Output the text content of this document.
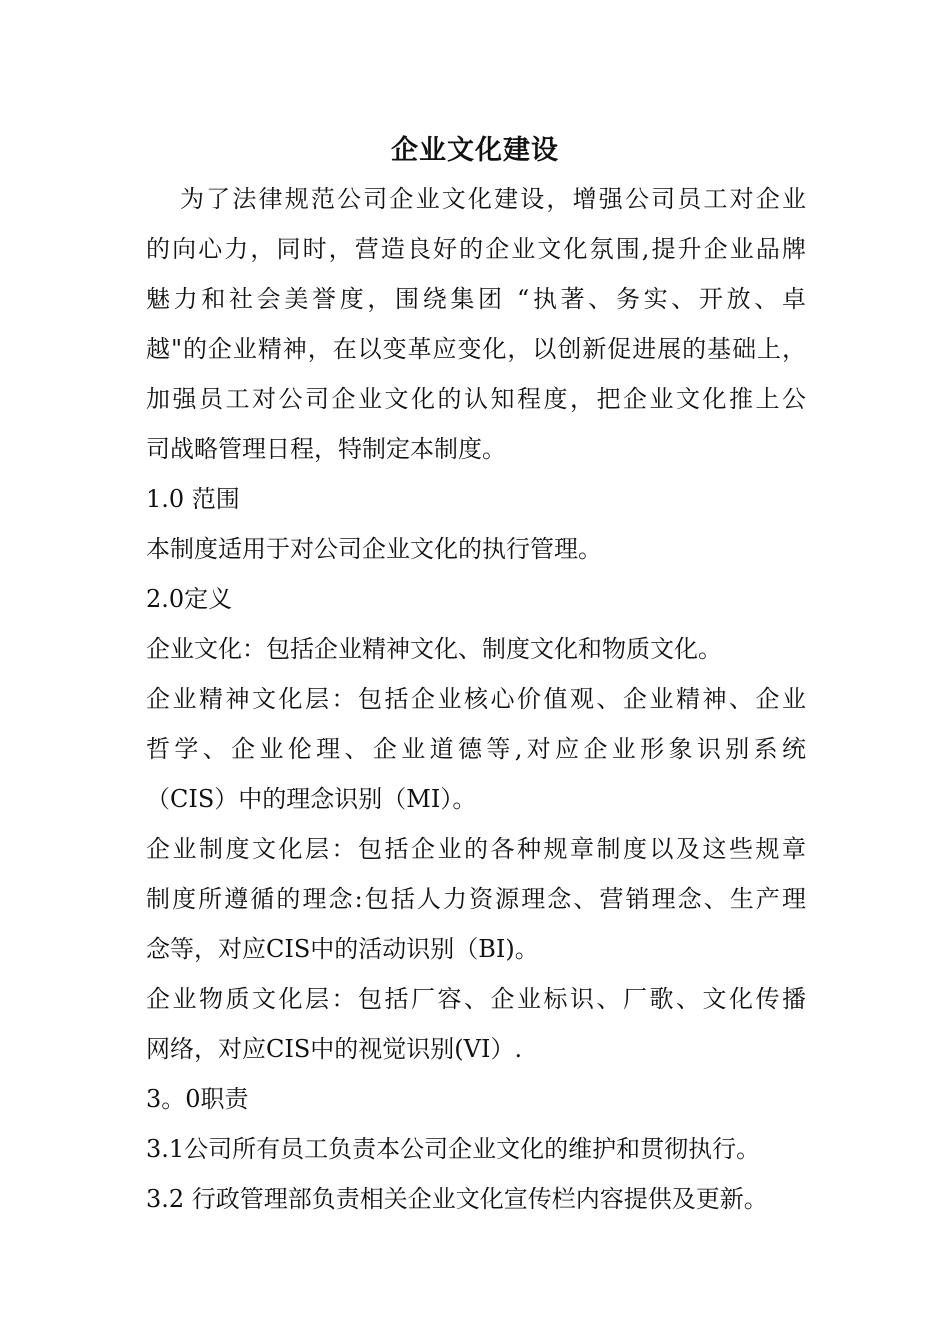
企业文化建设
为了法律规范公司企业文化建设，增强公司员工对企业
的向心力，同时，营造良好的企业文化氛围,提升企业品牌
魅力和社会美誉度，围绕集团 “执著、务实、开放、卓
越"的企业精神，在以变革应变化，以创新促进展的基础上，
加强员工对公司企业文化的认知程度，把企业文化推上公
司战略管理日程，特制定本制度。
1.0 范围
本制度适用于对公司企业文化的执行管理。
2.0定义
企业文化：包括企业精神文化、制度文化和物质文化。
企业精神文化层：包括企业核心价值观、企业精神、企业
哲学、企业伦理、企业道德等,对应企业形象识别系统
（CIS）中的理念识别（MI）。
企业制度文化层：包括企业的各种规章制度以及这些规章
制度所遵循的理念:包括人力资源理念、营销理念、生产理
念等，对应CIS中的活动识别（BI)。
企业物质文化层：包括厂容、企业标识、厂歌、文化传播
网络，对应CIS中的视觉识别(VI）.
3。0职责
3.1公司所有员工负责本公司企业文化的维护和贯彻执行。
3.2 行政管理部负责相关企业文化宣传栏内容提供及更新。
